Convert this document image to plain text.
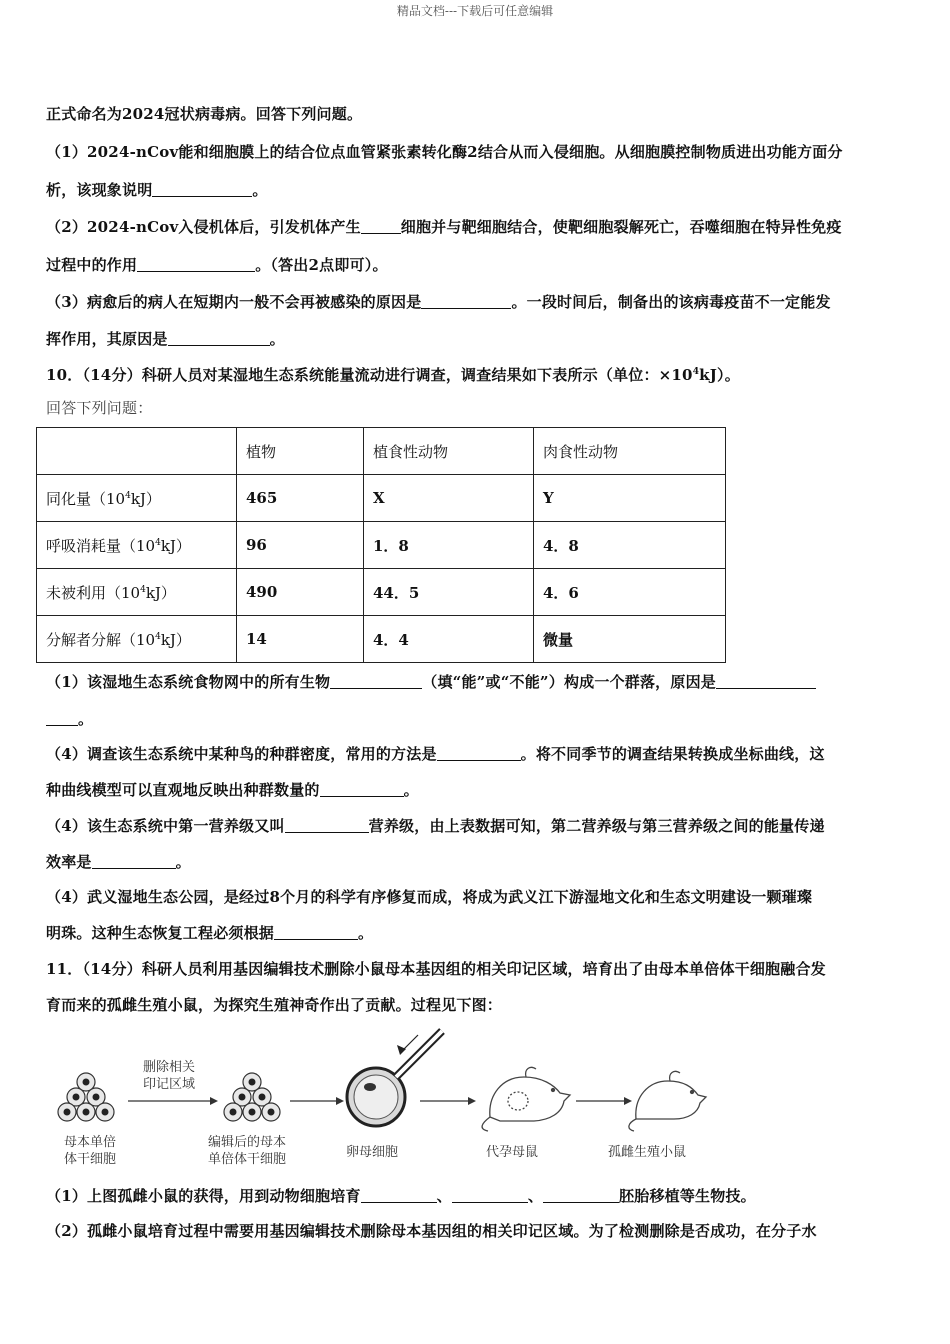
精品文档---下载后可任意编辑
正式命名为2024冠状病毒病。回答下列问题。
（1）2024-nCov能和细胞膜上的结合位点血管紧张素转化酶2结合从而入侵细胞。从细胞膜控制物质进出功能方面分
析，该现象说明	。
（2）2024-nCov入侵机体后，引发机体产生	细胞并与靶细胞结合，使靶细胞裂解死亡，吞噬细胞在特异性免疫
过程中的作用	。（答出2点即可）。
（3）病愈后的病人在短期内一般不会再被感染的原因是	。一段时间后，制备出的该病毒疫苗不一定能发
挥作用，其原因是	。
10．（14分）科研人员对某湿地生态系统能量流动进行调查，调查结果如下表所示（单位：$\times 10^4kJ$）。
回答下列问题：
	植物	植食性动物	肉食性动物
同化量$(10^4kJ)$	465	X	Y
呼吸消耗量$(10^4kJ)$	96	1．8	4．8
未被利用$(10^4kJ)$	490	44．5	4．6
分解者分解$(10^4kJ)$	14	4．4	微量
（1）该湿地生态系统食物网中的所有生物	（填“能”或“不能”）构成一个群落，原因是
。
（4）调查该生态系统中某种鸟的种群密度，常用的方法是	。将不同季节的调查结果转换成坐标曲线，这
种曲线模型可以直观地反映出种群数量的	。
（4）该生态系统中第一营养级又叫	营养级，由上表数据可知，第二营养级与第三营养级之间的能量传递
效率是	。
（4）武义湿地生态公园，是经过8个月的科学有序修复而成，将成为武义江下游湿地文化和生态文明建设一颗璀璨
明珠。这种生态恢复工程必须根据	。
11．（14分）科研人员利用基因编辑技术删除小鼠母本基因组的相关印记区域，培育出了由母本单倍体干细胞融合发
育而来的孤雌生殖小鼠，为探究生殖神奇作出了贡献。过程见下图：
删除相关
印记区域
母本单倍
体干细胞
编辑后的母本
单倍体干细胞	卵母细胞	代孕母鼠	孤雌生殖小鼠
（1）上图孤雌小鼠的获得，用到动物细胞培育	、	、	胚胎移植等生物技。
（2）孤雌小鼠培育过程中需要用基因编辑技术删除母本基因组的相关印记区域。为了检测删除是否成功，在分子水
